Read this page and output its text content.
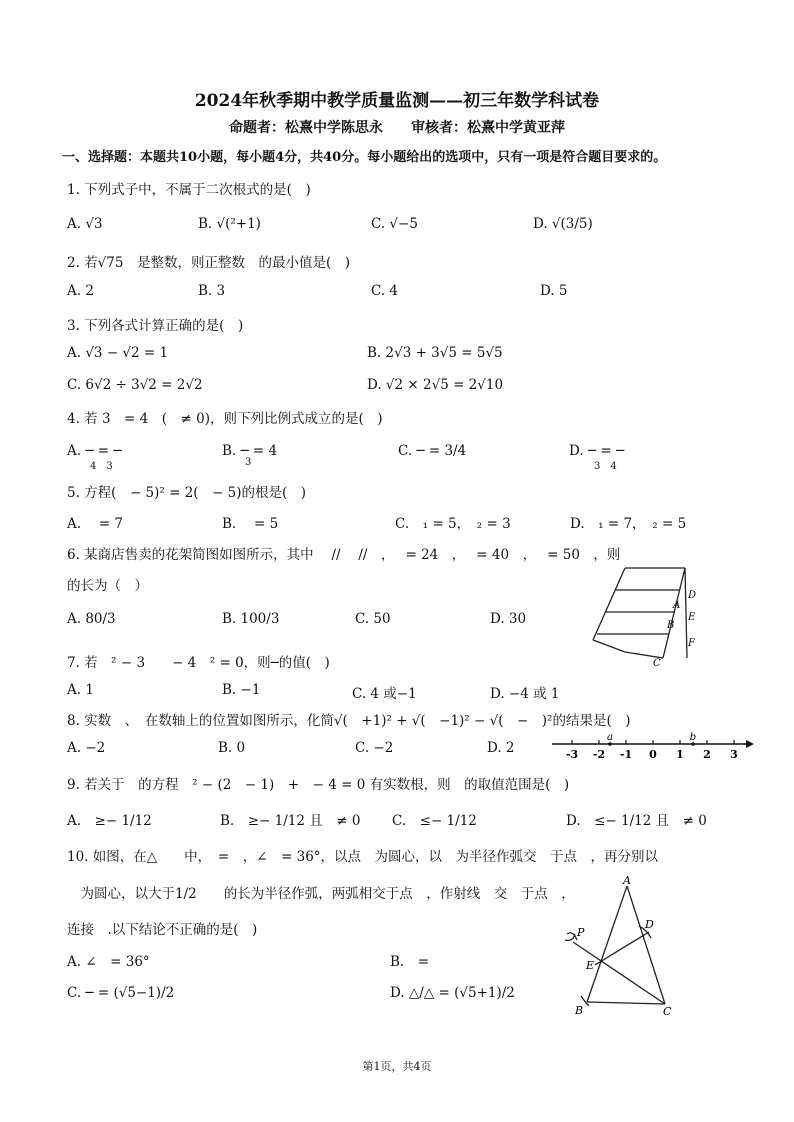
2024年秋季期中教学质量监测——初三年数学科试卷
命题者：松熹中学陈思永　　审核者：松熹中学黄亚萍
一、选择题：本题共10小题，每小题4分，共40分。每小题给出的选项中，只有一项是符合题目要求的。
1. 下列式子中，不属于二次根式的是(　)
A. √3	B. √(²+1)	C. √−5	D. √(3/5)
2. 若√75　是整数，则正整数　的最小值是(　)
A. 2	B. 3	C. 4	D. 5
3. 下列各式计算正确的是(　)
A. √3 − √2 = 1	B. 2√3 + 3√5 = 5√5
C. 6√2 ÷ 3√2 = 2√2	D. √2 × 2√5 = 2√10
4. 若 3　= 4　(　≠ 0)，则下列比例式成立的是(　)
A. ─ = ─
4　3
B. ─ = 4
3
C. ─ = 3/4	D. ─ = ─
3　4
5. 方程(　− 5)² = 2(　− 5)的根是(　)
A.　 = 7	B.　 = 5	C.　₁ = 5，　₂ = 3	D.　₁ = 7，　₂ = 5
6. 某商店售卖的花架简图如图所示，其中　 //　 //　，　 = 24　，　 = 40　，　 = 50　，则
的长为（　）
A. 80/3	B. 100/3	C. 50	D. 30
D
A
E
B
F
C
7. 若　² − 3　　− 4　² = 0，则─的值(　)
A. 1	B. −1	C. 4 或−1	D. −4 或 1
8. 实数　、　在数轴上的位置如图所示，化简√(　+1)² + √(　−1)² − √(　−　)²的结果是(　)
A. −2	B. 0	C. −2	D. 2	-3 -2 -1 0 1 2 3
a	b
9. 若关于　的方程　² − (2　− 1)　+　− 4 = 0 有实数根，则　的取值范围是(　)
A.　≥− 1/12	B.　≥− 1/12 且　≠ 0 C.　≤− 1/12	D.　≤− 1/12 且　≠ 0
10. 如图，在△　　中，　=　，∠　= 36°，以点　为圆心，以　为半径作弧交　于点　，再分别以
　为圆心，以大于1/2　　的长为半径作弧，两弧相交于点　，作射线　交　于点　，
连接　.以下结论不正确的是(　)
A. ∠　= 36°	B.　=
C. ─ = (√5−1)/2	D. △/△ = (√5+1)/2
A
D
P
E
B	C
第1页，共4页
